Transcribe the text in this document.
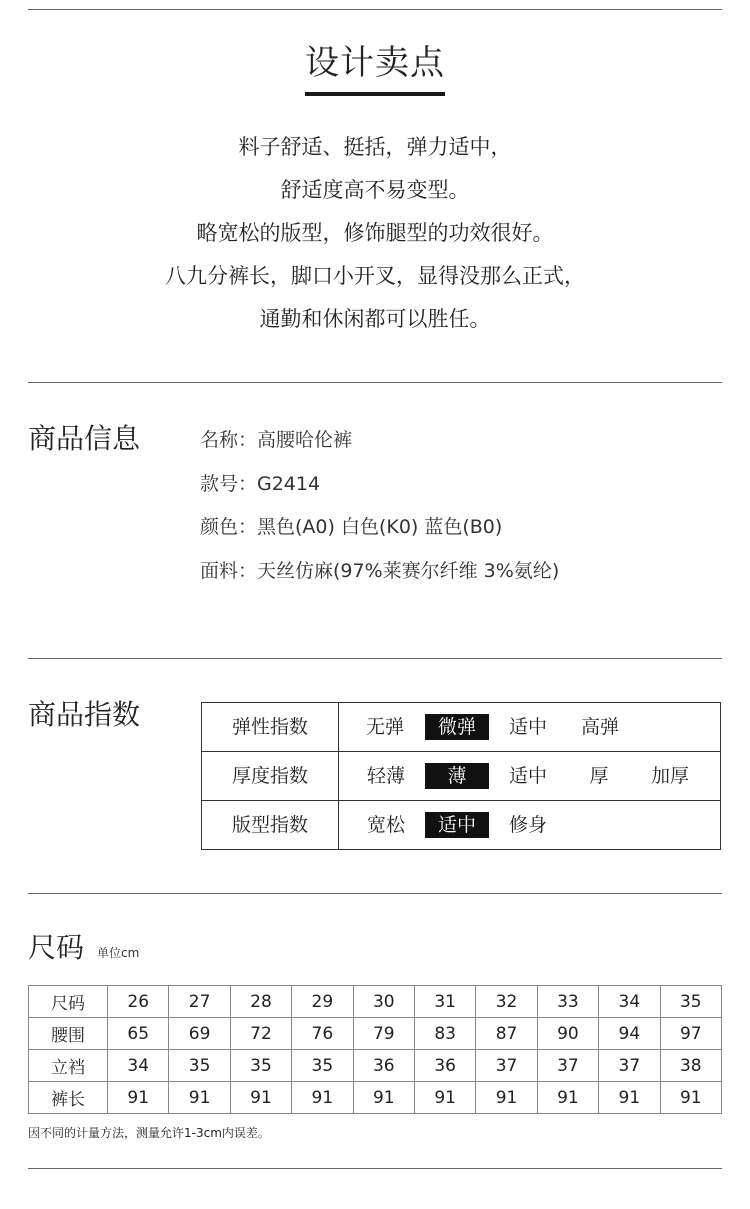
设计卖点
料子舒适、挺括，弹力适中，
舒适度高不易变型。
略宽松的版型，修饰腿型的功效很好。
八九分裤长，脚口小开叉，显得没那么正式，
通勤和休闲都可以胜任。
商品信息	名称：高腰哈伦裤
款号：G2414
颜色：黑色(A0) 白色(K0) 蓝色(B0)
面料：天丝仿麻(97%莱赛尔纤维 3%氨纶)
商品指数	弹性指数	无弹	微弹	适中 高弹
厚度指数	轻薄	薄	适中 厚 加厚
版型指数	宽松	适中	修身
尺码 单位cm
尺码	26	27	28	29	30	31	32	33	34	35
腰围	65	69	72	76	79	83	87	90	94	97
立裆	34	35	35	35	36	36	37	37	37	38
裤长	91	91	91	91	91	91	91	91	91	91
因不同的计量方法，测量允许1-3cm内误差。
